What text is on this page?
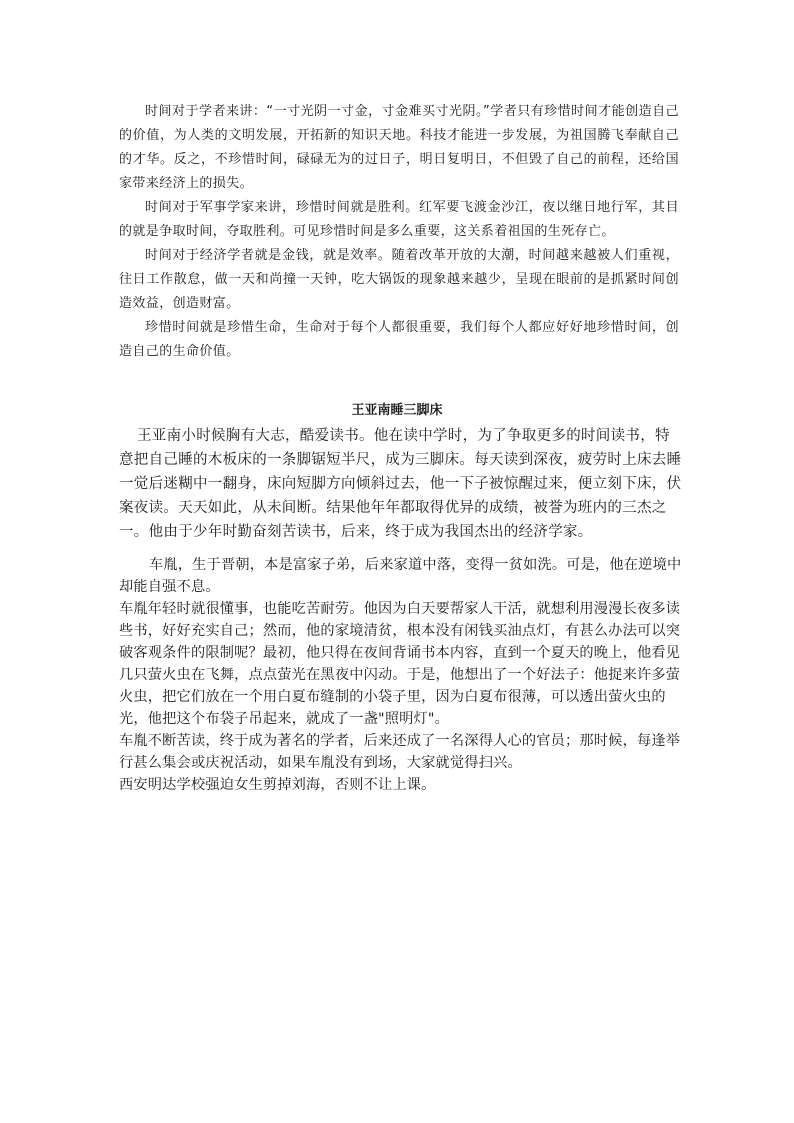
时间对于学者来讲：“一寸光阴一寸金，寸金难买寸光阴。”学者只有珍惜时间才能创造自己的价值，为人类的文明发展，开拓新的知识天地。科技才能进一步发展，为祖国腾飞奉献自己的才华。反之，不珍惜时间，碌碌无为的过日子，明日复明日，不但毁了自己的前程，还给国家带来经济上的损失。

时间对于军事学家来讲，珍惜时间就是胜利。红军要飞渡金沙江，夜以继日地行军，其目的就是争取时间，夺取胜利。可见珍惜时间是多么重要，这关系着祖国的生死存亡。

时间对于经济学者就是金钱，就是效率。随着改革开放的大潮，时间越来越被人们重视，往日工作散怠，做一天和尚撞一天钟，吃大锅饭的现象越来越少，呈现在眼前的是抓紧时间创造效益，创造财富。

珍惜时间就是珍惜生命，生命对于每个人都很重要，我们每个人都应好好地珍惜时间，创造自己的生命价值。

王亚南睡三脚床

王亚南小时候胸有大志，酷爱读书。他在读中学时，为了争取更多的时间读书，特意把自己睡的木板床的一条脚锯短半尺，成为三脚床。每天读到深夜，疲劳时上床去睡一觉后迷糊中一翻身，床向短脚方向倾斜过去，他一下子被惊醒过来，便立刻下床，伏案夜读。天天如此，从未间断。结果他年年都取得优异的成绩，被誉为班内的三杰之一。他由于少年时勤奋刻苦读书，后来，终于成为我国杰出的经济学家。

车胤，生于晋朝，本是富家子弟，后来家道中落，变得一贫如洗。可是，他在逆境中却能自强不息。

车胤年轻时就很懂事，也能吃苦耐劳。他因为白天要帮家人干活，就想利用漫漫长夜多读些书，好好充实自己；然而，他的家境清贫，根本没有闲钱买油点灯，有甚么办法可以突破客观条件的限制呢？最初，他只得在夜间背诵书本内容，直到一个夏天的晚上，他看见几只萤火虫在飞舞，点点萤光在黑夜中闪动。于是，他想出了一个好法子：他捉来许多萤火虫，把它们放在一个用白夏布缝制的小袋子里，因为白夏布很薄，可以透出萤火虫的光，他把这个布袋子吊起来，就成了一盏"照明灯"。

车胤不断苦读，终于成为著名的学者，后来还成了一名深得人心的官员；那时候，每逢举行甚么集会或庆祝活动，如果车胤没有到场，大家就觉得扫兴。

西安明达学校强迫女生剪掉刘海，否则不让上课。
